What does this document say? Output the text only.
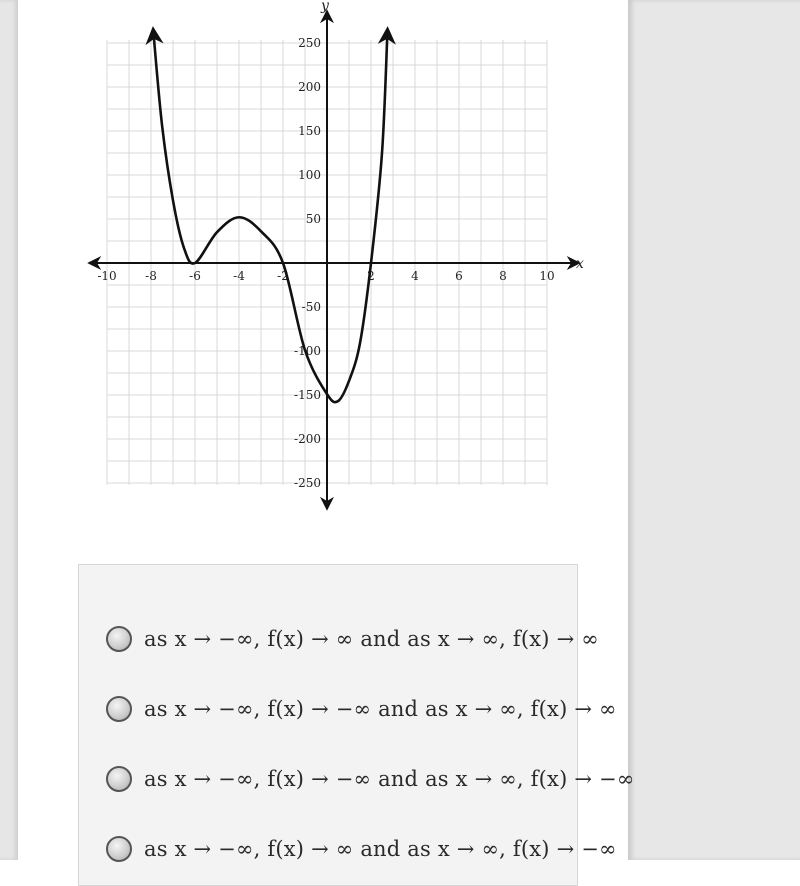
-10 -8	-6	-4	-2	2	4	6	8	10
250
200
150
100
50
-50
-100
-150
-200
-250
x
y
as x → −∞, f(x) → ∞ and as x → ∞, f(x) → ∞
as x → −∞, f(x) → −∞ and as x → ∞, f(x) → ∞
as x → −∞, f(x) → −∞ and as x → ∞, f(x) → −∞
as x → −∞, f(x) → ∞ and as x → ∞, f(x) → −∞
